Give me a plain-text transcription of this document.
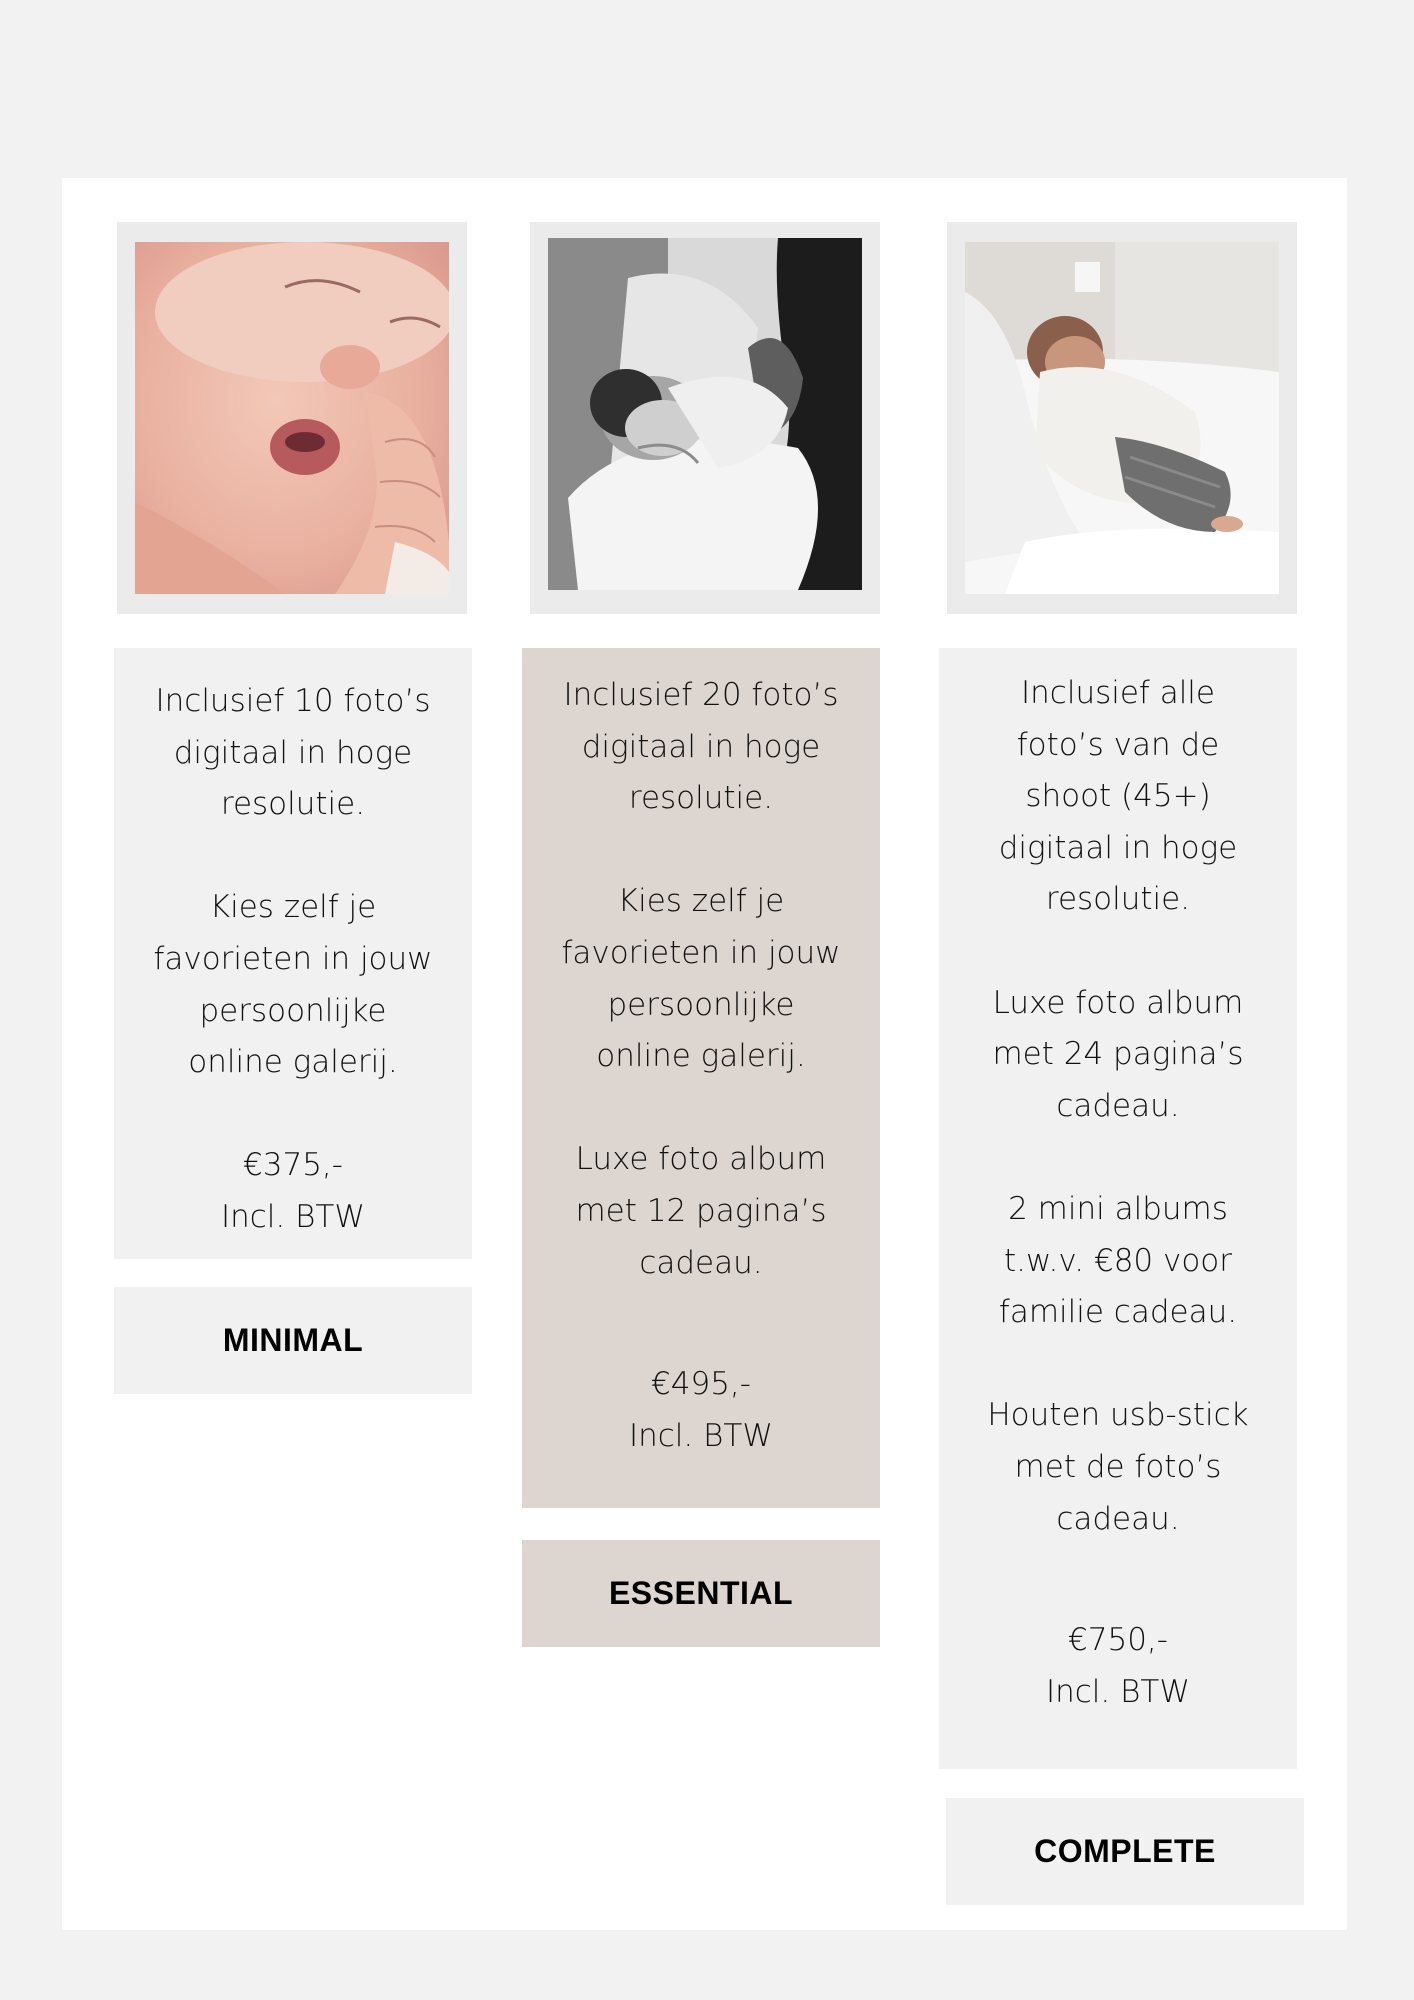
Inclusief 10 foto’s

digitaal in hoge

resolutie.

Kies zelf je

favorieten in jouw

persoonlijke

online galerij.

€375,-

Incl. BTW

MINIMAL

Inclusief 20 foto’s

digitaal in hoge

resolutie.

Kies zelf je

favorieten in jouw

persoonlijke

online galerij.

Luxe foto album

met 12 pagina’s

cadeau.

€495,-

Incl. BTW

ESSENTIAL

Inclusief alle

foto’s van de

shoot (45+)

digitaal in hoge

resolutie.

Luxe foto album

met 24 pagina’s

cadeau.

2 mini albums

t.w.v. €80 voor

familie cadeau.

Houten usb-stick

met de foto’s

cadeau.

€750,-

Incl. BTW

COMPLETE
